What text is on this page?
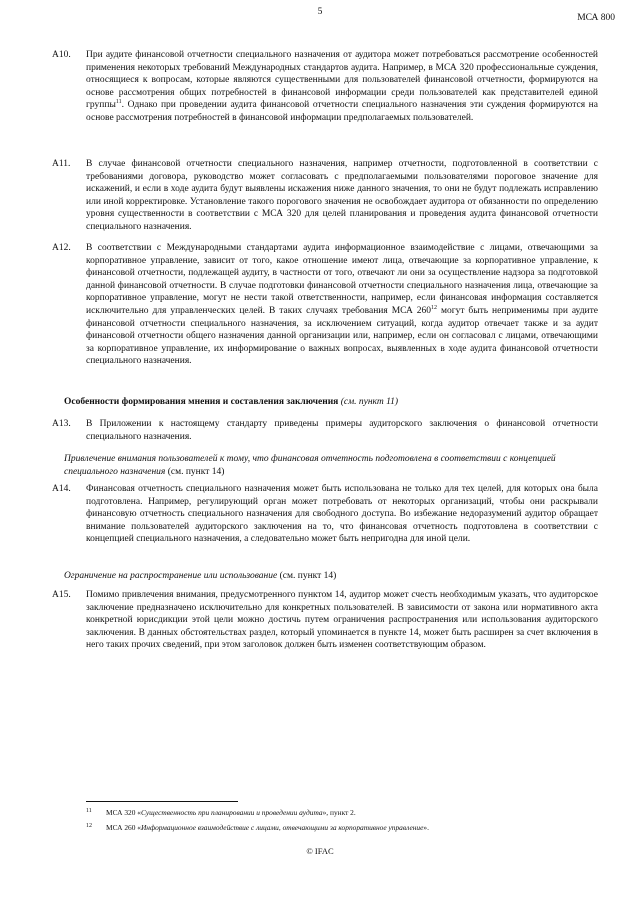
5
МСА 800
А10. При аудите финансовой отчетности специального назначения от аудитора может потребоваться рассмотрение особенностей применения некоторых требований Международных стандартов аудита. Например, в МСА 320 профессиональные суждения, относящиеся к вопросам, которые являются существенными для пользователей финансовой отчетности, формируются на основе рассмотрения общих потребностей в финансовой информации среди пользователей как представителей единой группы$^{11}$. Однако при проведении аудита финансовой отчетности специального назначения эти суждения формируются на основе рассмотрения потребностей в финансовой информации предполагаемых пользователей.
А11. В случае финансовой отчетности специального назначения, например отчетности, подготовленной в соответствии с требованиями договора, руководство может согласовать с предполагаемыми пользователями пороговое значение для искажений, и если в ходе аудита будут выявлены искажения ниже данного значения, то они не будут подлежать исправлению или иной корректировке. Установление такого порогового значения не освобождает аудитора от обязанности по определению уровня существенности в соответствии с МСА 320 для целей планирования и проведения аудита финансовой отчетности специального назначения.
А12. В соответствии с Международными стандартами аудита информационное взаимодействие с лицами, отвечающими за корпоративное управление, зависит от того, какое отношение имеют лица, отвечающие за корпоративное управление, к финансовой отчетности, подлежащей аудиту, в частности от того, отвечают ли они за осуществление надзора за подготовкой данной финансовой отчетности. В случае подготовки финансовой отчетности специального назначения лица, отвечающие за корпоративное управление, могут не нести такой ответственности, например, если финансовая информация составляется исключительно для управленческих целей. В таких случаях требования МСА $260^{12}$ могут быть неприменимы при аудите финансовой отчетности специального назначения, за исключением ситуаций, когда аудитор отвечает также и за аудит финансовой отчетности общего назначения данной организации или, например, если он согласовал с лицами, отвечающими за корпоративное управление, их информирование о важных вопросах, выявленных в ходе аудита финансовой отчетности специального назначения.
Особенности формирования мнения и составления заключения (см. пункт 11)
А13. В Приложении к настоящему стандарту приведены примеры аудиторского заключения о финансовой отчетности специального назначения.
Привлечение внимания пользователей к тому, что финансовая отчетность подготовлена в соответствии с концепцией специального назначения (см. пункт 14)
А14. Финансовая отчетность специального назначения может быть использована не только для тех целей, для которых она была подготовлена. Например, регулирующий орган может потребовать от некоторых организаций, чтобы они раскрывали финансовую отчетность специального назначения для свободного доступа. Во избежание недоразумений аудитор обращает внимание пользователей аудиторского заключения на то, что финансовая отчетность подготовлена в соответствии с концепцией специального назначения, а следовательно может быть непригодна для иной цели.
Ограничение на распространение или использование (см. пункт 14)
А15. Помимо привлечения внимания, предусмотренного пунктом 14, аудитор может счесть необходимым указать, что аудиторское заключение предназначено исключительно для конкретных пользователей. В зависимости от закона или нормативного акта конкретной юрисдикции этой цели можно достичь путем ограничения распространения или использования аудиторского заключения. В данных обстоятельствах раздел, который упоминается в пункте 14, может быть расширен за счет включения в него таких прочих сведений, при этом заголовок должен быть изменен соответствующим образом.
11 МСА 320 «Существенность при планировании и проведении аудита», пункт 2.
12 МСА 260 «Информационное взаимодействие с лицами, отвечающими за корпоративное управление».
© IFAC
